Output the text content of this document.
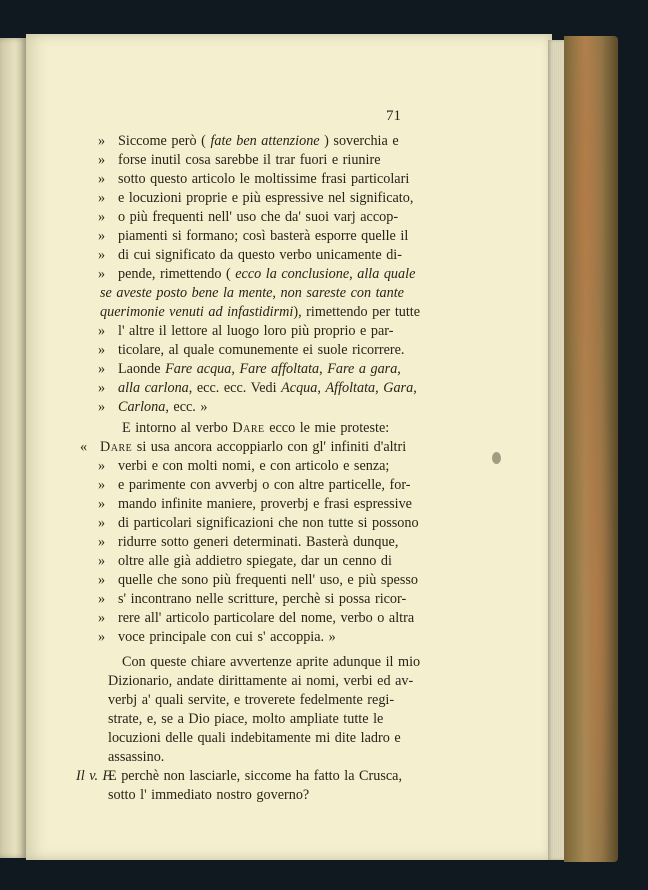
71
» Siccome però ( fate ben attenzione ) soverchia e
» forse inutil cosa sarebbe il trar fuori e riunire
» sotto questo articolo le moltissime frasi particolari
» e locuzioni proprie e più espressive nel significato,
» o più frequenti nell' uso che da' suoi varj accop-
» piamenti si formano; così basterà esporre quelle il
» di cui significato da questo verbo unicamente di-
» pende, rimettendo ( ecco la conclusione, alla quale
se aveste posto bene la mente, non sareste con tante
querimonie venuti ad infastidirmi), rimettendo per tutte
» l' altre il lettore al luogo loro più proprio e par-
» ticolare, al quale comunemente ei suole ricorrere.
» Laonde Fare acqua, Fare affoltata, Fare a gara,
» alla carlona, ecc. ecc. Vedi Acqua, Affoltata, Gara,
» Carlona, ecc. »
E intorno al verbo Dare ecco le mie proteste:
« Dare si usa ancora accoppiarlo con gl' infiniti d'altri
» verbi e con molti nomi, e con articolo e senza;
» e parimente con avverbj o con altre particelle, for-
» mando infinite maniere, proverbj e frasi espressive
» di particolari significazioni che non tutte si possono
» ridurre sotto generi determinati. Basterà dunque,
» oltre alle già addietro spiegate, dar un cenno di
» quelle che sono più frequenti nell' uso, e più spesso
» s' incontrano nelle scritture, perchè si possa ricor-
» rere all' articolo particolare del nome, verbo o altra
» voce principale con cui s' accoppia. »
Con queste chiare avvertenze aprite adunque il mio
Dizionario, andate dirittamente ai nomi, verbi ed av-
verbj a' quali servite, e troverete fedelmente regi-
strate, e, se a Dio piace, molto ampliate tutte le
locuzioni delle quali indebitamente mi dite ladro e
assassino.
Il v. F.
E perchè non lasciarle, siccome ha fatto la Crusca,
sotto l' immediato nostro governo?
